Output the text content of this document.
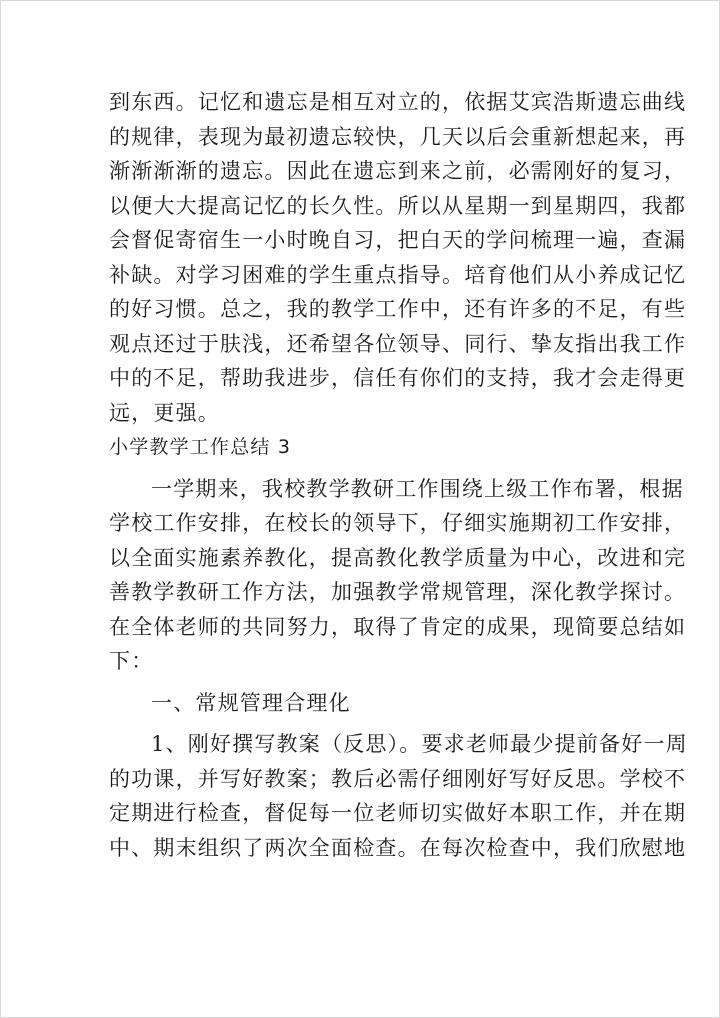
到东西。记忆和遗忘是相互对立的，依据艾宾浩斯遗忘曲线
的规律，表现为最初遗忘较快，几天以后会重新想起来，再
渐渐渐渐的遗忘。因此在遗忘到来之前，必需刚好的复习，
以便大大提高记忆的长久性。所以从星期一到星期四，我都
会督促寄宿生一小时晚自习，把白天的学问梳理一遍，查漏
补缺。对学习困难的学生重点指导。培育他们从小养成记忆
的好习惯。总之，我的教学工作中，还有许多的不足，有些
观点还过于肤浅，还希望各位领导、同行、挚友指出我工作
中的不足，帮助我进步，信任有你们的支持，我才会走得更
远，更强。
小学教学工作总结 3
一学期来，我校教学教研工作围绕上级工作布署，根据
学校工作安排，在校长的领导下，仔细实施期初工作安排，
以全面实施素养教化，提高教化教学质量为中心，改进和完
善教学教研工作方法，加强教学常规管理，深化教学探讨。
在全体老师的共同努力，取得了肯定的成果，现简要总结如
下：
一、常规管理合理化
1、刚好撰写教案（反思）。要求老师最少提前备好一周
的功课，并写好教案；教后必需仔细刚好写好反思。学校不
定期进行检查，督促每一位老师切实做好本职工作，并在期
中、期末组织了两次全面检查。在每次检查中，我们欣慰地
